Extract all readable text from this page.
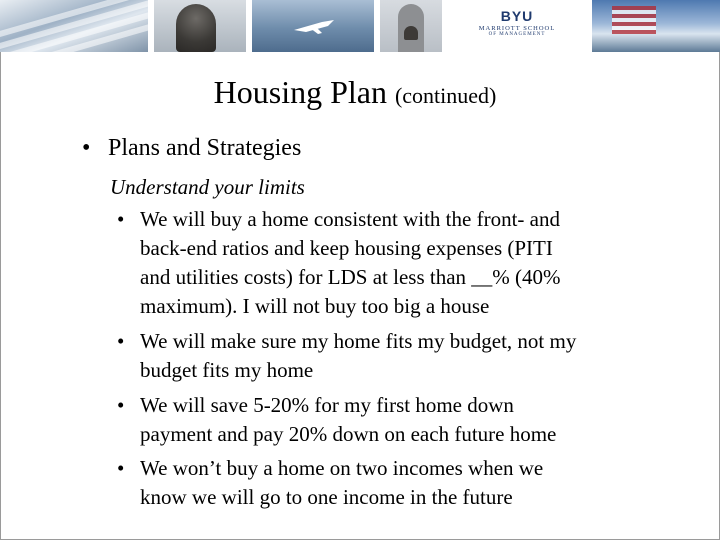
BYU
MARRIOTT SCHOOL
OF MANAGEMENT
Housing Plan (continued)
• Plans and Strategies
Understand your limits
• We will buy a home consistent with the front- and
back-end ratios and keep housing expenses (PITI
and utilities costs) for LDS at less than __% (40%
maximum). I will not buy too big a house
• We will make sure my home fits my budget, not my
budget fits my home
• We will save 5-20% for my first home down
payment and pay 20% down on each future home
• We won’t buy a home on two incomes when we
know we will go to one income in the future
